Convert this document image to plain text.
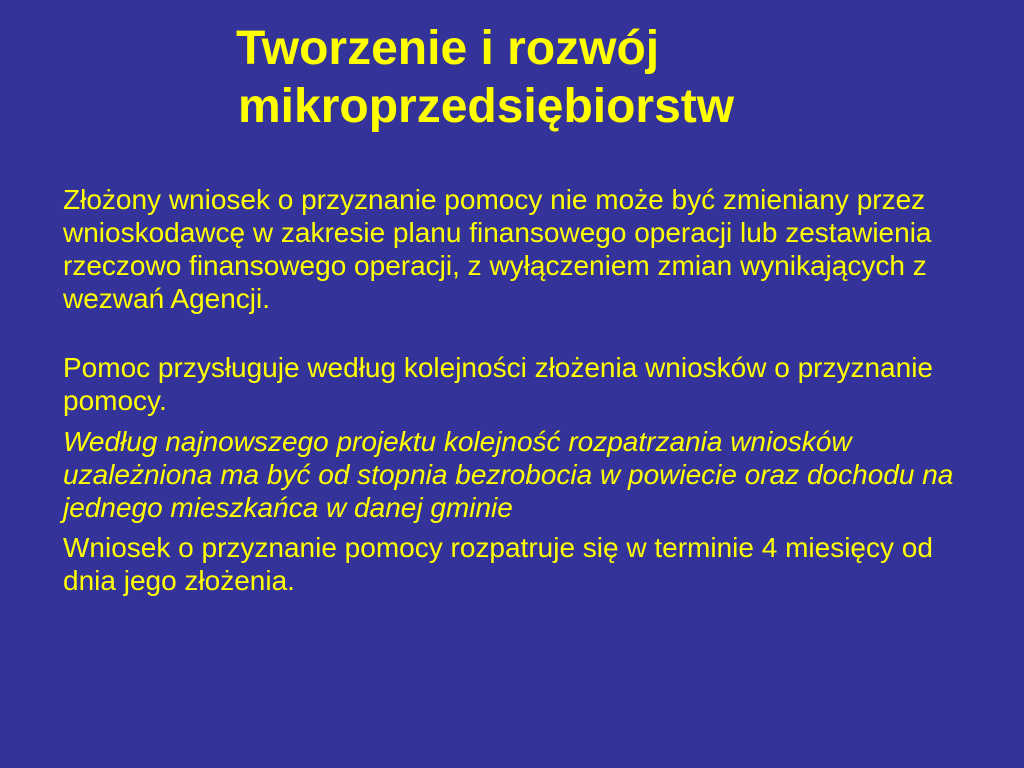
Tworzenie i rozwój
mikroprzedsiębiorstw

Złożony wniosek o przyznanie pomocy nie może być zmieniany przez wnioskodawcę w zakresie planu finansowego operacji lub zestawienia rzeczowo finansowego operacji, z wyłączeniem zmian wynikających z wezwań Agencji.

Pomoc przysługuje według kolejności złożenia wniosków o przyznanie pomocy.

Według najnowszego projektu kolejność rozpatrzania wniosków uzależniona ma być od stopnia bezrobocia w powiecie oraz dochodu na jednego mieszkańca w danej gminie

Wniosek o przyznanie pomocy rozpatruje się w terminie 4 miesięcy od dnia jego złożenia.
